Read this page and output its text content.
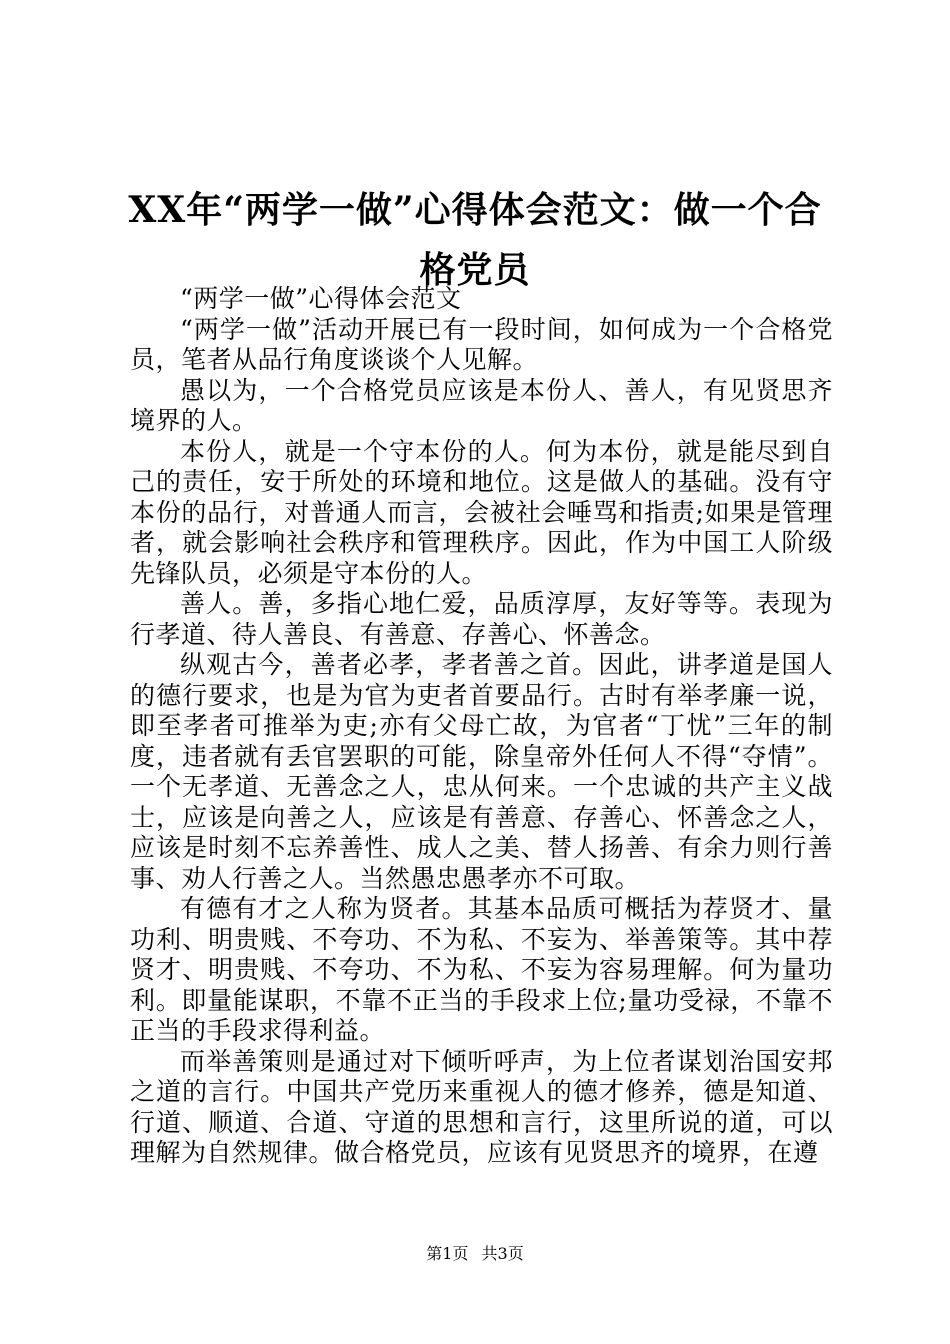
XX年“两学一做”心得体会范文：做一个合格党员

“两学一做”心得体会范文

“两学一做”活动开展已有一段时间，如何成为一个合格党员，笔者从品行角度谈谈个人见解。

愚以为，一个合格党员应该是本份人、善人，有见贤思齐境界的人。

本份人，就是一个守本份的人。何为本份，就是能尽到自己的责任，安于所处的环境和地位。这是做人的基础。没有守本份的品行，对普通人而言，会被社会唾骂和指责;如果是管理者，就会影响社会秩序和管理秩序。因此，作为中国工人阶级先锋队员，必须是守本份的人。

善人。善，多指心地仁爱，品质淳厚，友好等等。表现为行孝道、待人善良、有善意、存善心、怀善念。

纵观古今，善者必孝，孝者善之首。因此，讲孝道是国人的德行要求，也是为官为吏者首要品行。古时有举孝廉一说，即至孝者可推举为吏;亦有父母亡故，为官者“丁忧”三年的制度，违者就有丢官罢职的可能，除皇帝外任何人不得“夺情”。一个无孝道、无善念之人，忠从何来。一个忠诚的共产主义战士，应该是向善之人，应该是有善意、存善心、怀善念之人，应该是时刻不忘养善性、成人之美、替人扬善、有余力则行善事、劝人行善之人。当然愚忠愚孝亦不可取。

有德有才之人称为贤者。其基本品质可概括为荐贤才、量功利、明贵贱、不夸功、不为私、不妄为、举善策等。其中荐贤才、明贵贱、不夸功、不为私、不妄为容易理解。何为量功利。即量能谋职，不靠不正当的手段求上位;量功受禄，不靠不正当的手段求得利益。

而举善策则是通过对下倾听呼声，为上位者谋划治国安邦之道的言行。中国共产党历来重视人的德才修养，德是知道、行道、顺道、合道、守道的思想和言行，这里所说的道，可以理解为自然规律。做合格党员，应该有见贤思齐的境界，在遵

第1页 共3页
